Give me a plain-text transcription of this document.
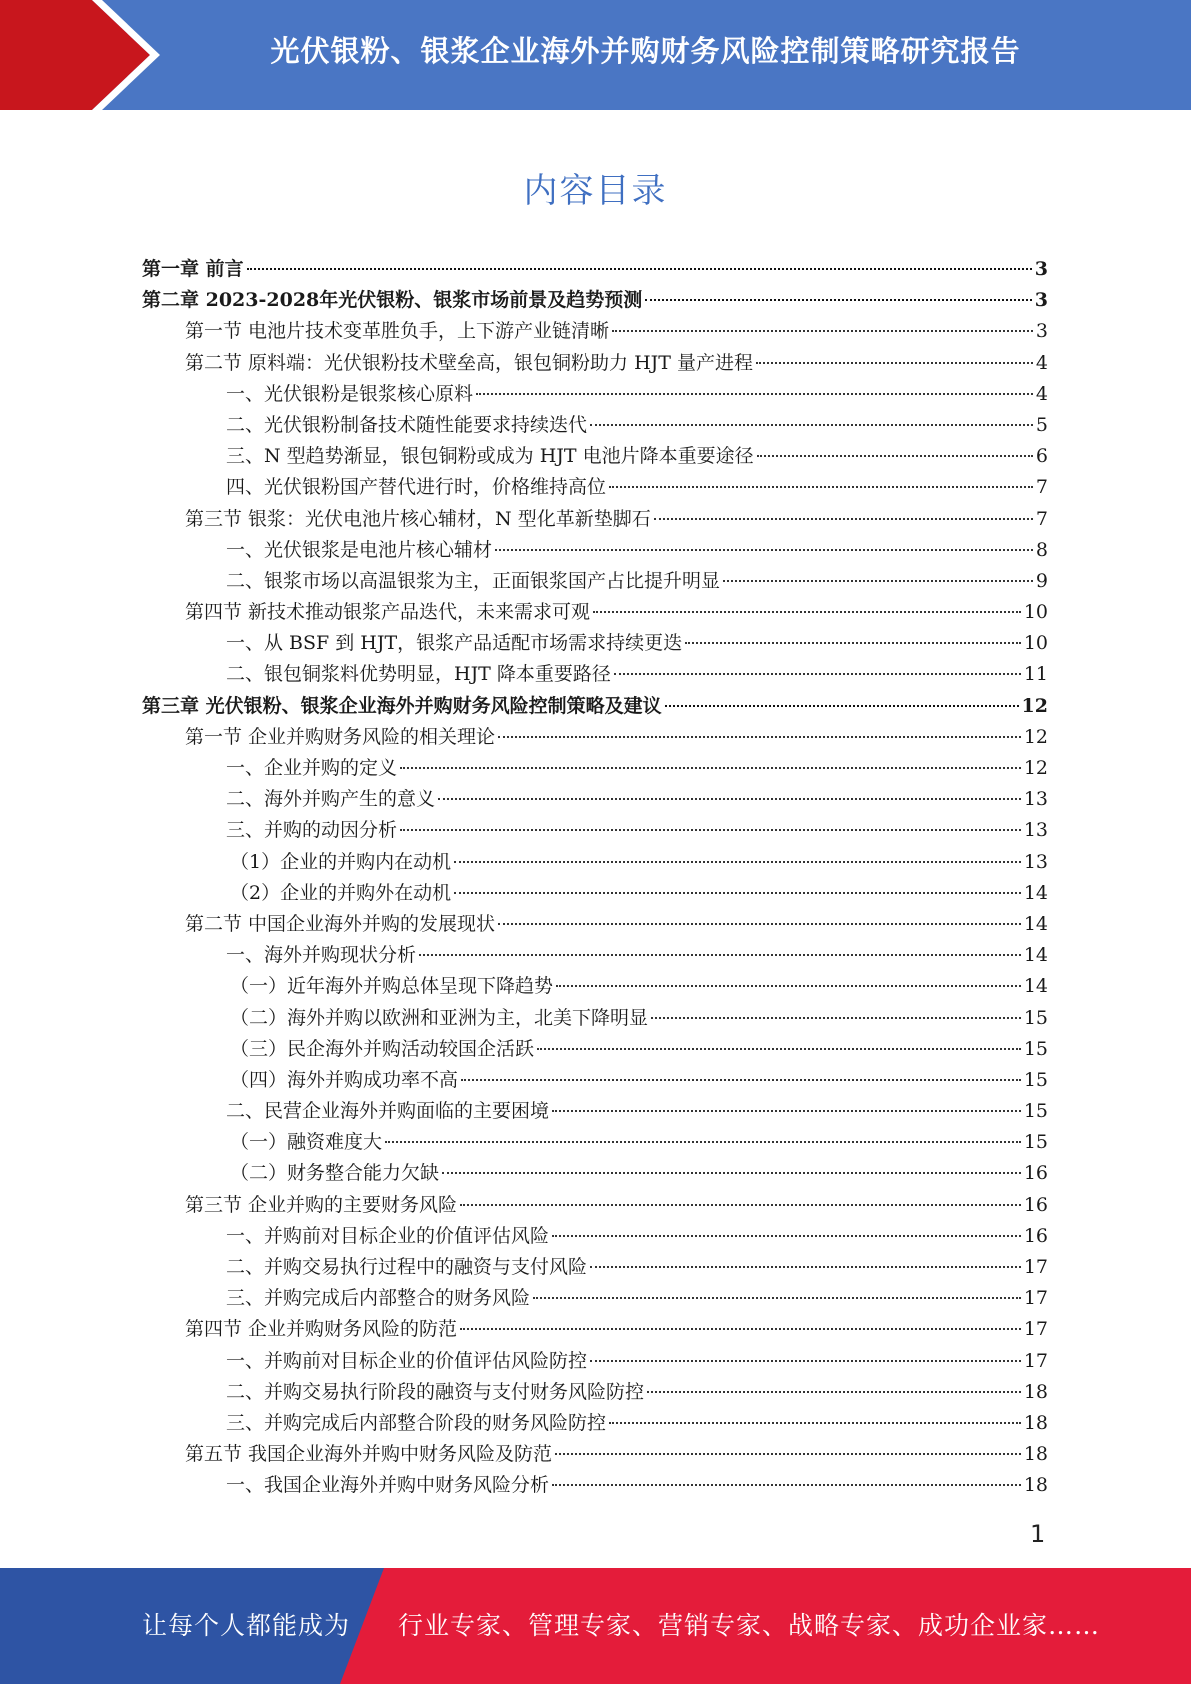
光伏银粉、银浆企业海外并购财务风险控制策略研究报告
内容目录
第一章 前言	3
第二章 2023-2028年光伏银粉、银浆市场前景及趋势预测	3
第一节 电池片技术变革胜负手，上下游产业链清晰	3
第二节 原料端：光伏银粉技术壁垒高，银包铜粉助力 HJT 量产进程	4
一、光伏银粉是银浆核心原料	4
二、光伏银粉制备技术随性能要求持续迭代	5
三、N 型趋势渐显，银包铜粉或成为 HJT 电池片降本重要途径	6
四、光伏银粉国产替代进行时，价格维持高位	7
第三节 银浆：光伏电池片核心辅材，N 型化革新垫脚石	7
一、光伏银浆是电池片核心辅材	8
二、银浆市场以高温银浆为主，正面银浆国产占比提升明显	9
第四节 新技术推动银浆产品迭代，未来需求可观	10
一、从 BSF 到 HJT，银浆产品适配市场需求持续更迭	10
二、银包铜浆料优势明显，HJT 降本重要路径	11
第三章 光伏银粉、银浆企业海外并购财务风险控制策略及建议	12
第一节 企业并购财务风险的相关理论	12
一、企业并购的定义	12
二、海外并购产生的意义	13
三、并购的动因分析	13
（1）企业的并购内在动机	13
（2）企业的并购外在动机	14
第二节 中国企业海外并购的发展现状	14
一、海外并购现状分析	14
（一）近年海外并购总体呈现下降趋势	14
（二）海外并购以欧洲和亚洲为主，北美下降明显	15
（三）民企海外并购活动较国企活跃	15
（四）海外并购成功率不高	15
二、民营企业海外并购面临的主要困境	15
（一）融资难度大	15
（二）财务整合能力欠缺	16
第三节 企业并购的主要财务风险	16
一、并购前对目标企业的价值评估风险	16
二、并购交易执行过程中的融资与支付风险	17
三、并购完成后内部整合的财务风险	17
第四节 企业并购财务风险的防范	17
一、并购前对目标企业的价值评估风险防控	17
二、并购交易执行阶段的融资与支付财务风险防控	18
三、并购完成后内部整合阶段的财务风险防控	18
第五节 我国企业海外并购中财务风险及防范	18
一、我国企业海外并购中财务风险分析	18
1
让每个人都能成为 行业专家、管理专家、营销专家、战略专家、成功企业家……
